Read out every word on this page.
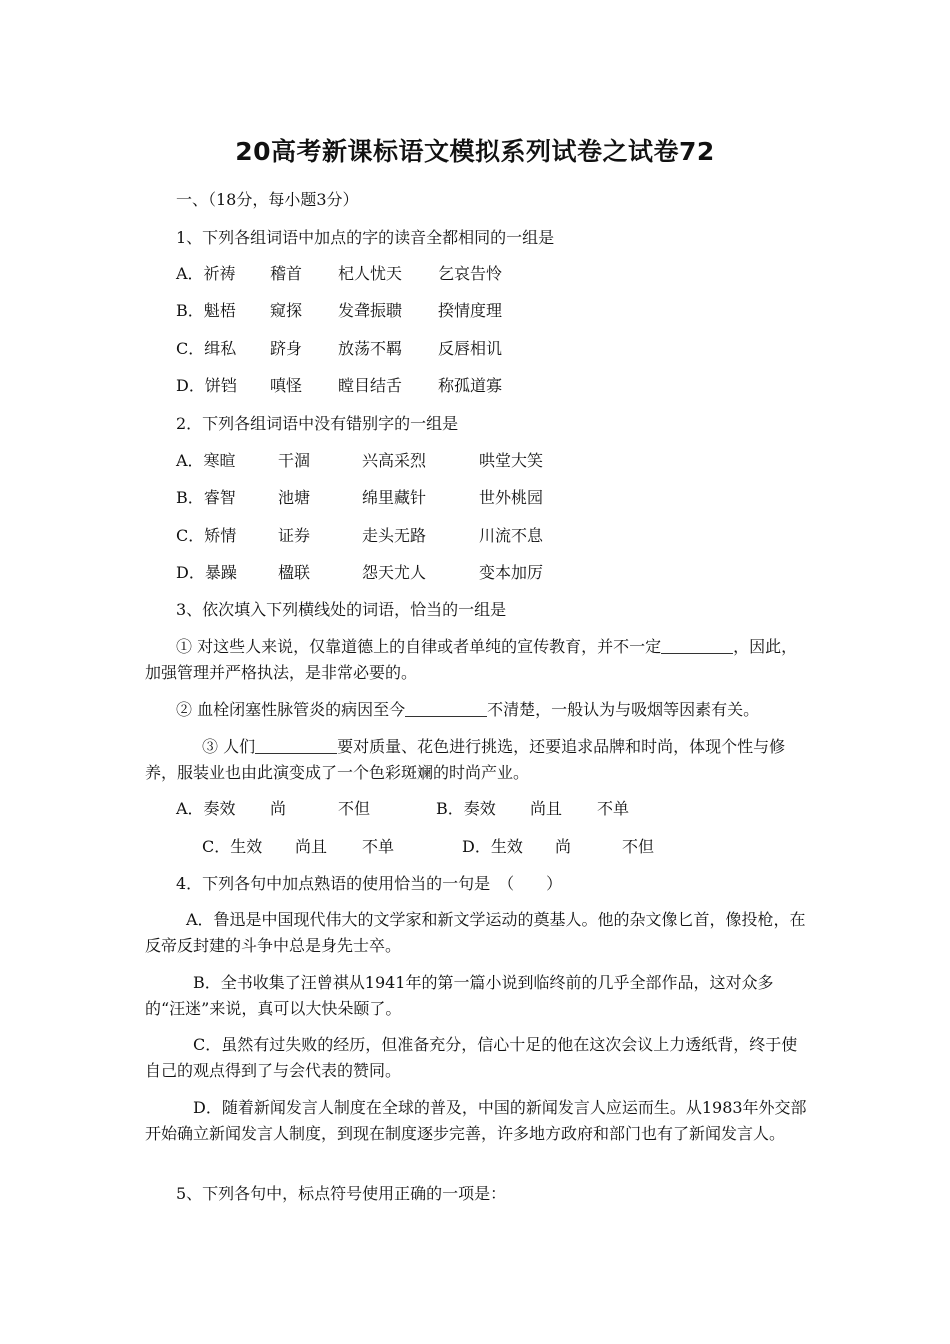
20高考新课标语文模拟系列试卷之试卷72
一、（18分，每小题3分）
1、下列各组词语中加点的字的读音全都相同的一组是
A．祈祷 稽首 杞人忧天 乞哀告怜
B．魁梧 窥探 发聋振聩 揆情度理
C．缉私 跻身 放荡不羁 反唇相讥
D．饼铛 嗔怪 瞠目结舌 称孤道寡
2．下列各组词语中没有错别字的一组是
A．寒暄	干涸	兴高采烈	哄堂大笑
B．睿智	池塘	绵里藏针	世外桃园
C．矫情	证券	走头无路	川流不息
D．暴躁	楹联	怨天尤人	变本加厉
3、依次填入下列横线处的词语，恰当的一组是
① 对这些人来说，仅靠道德上的自律或者单纯的宣传教育，并不一定	，因此，加强管理并严格执法，是非常必要的。
② 血栓闭塞性脉管炎的病因至今	不清楚，一般认为与吸烟等因素有关。
③ 人们	要对质量、花色进行挑选，还要追求品牌和时尚，体现个性与修养，服装业也由此演变成了一个色彩斑斓的时尚产业。
A．奏效 尚	不但	B．奏效 尚且 不单
C．生效 尚且 不单	D．生效 尚	不但
4．下列各句中加点熟语的使用恰当的一句是　（　　）
A．鲁迅是中国现代伟大的文学家和新文学运动的奠基人。他的杂文像匕首，像投枪，在反帝反封建的斗争中总是身先士卒。
B．全书收集了汪曾祺从1941年的第一篇小说到临终前的几乎全部作品，这对众多的“汪迷”来说，真可以大快朵颐了。
C．虽然有过失败的经历，但准备充分，信心十足的他在这次会议上力透纸背，终于使自己的观点得到了与会代表的赞同。
D．随着新闻发言人制度在全球的普及，中国的新闻发言人应运而生。从1983年外交部开始确立新闻发言人制度，到现在制度逐步完善，许多地方政府和部门也有了新闻发言人。
5、下列各句中，标点符号使用正确的一项是：
